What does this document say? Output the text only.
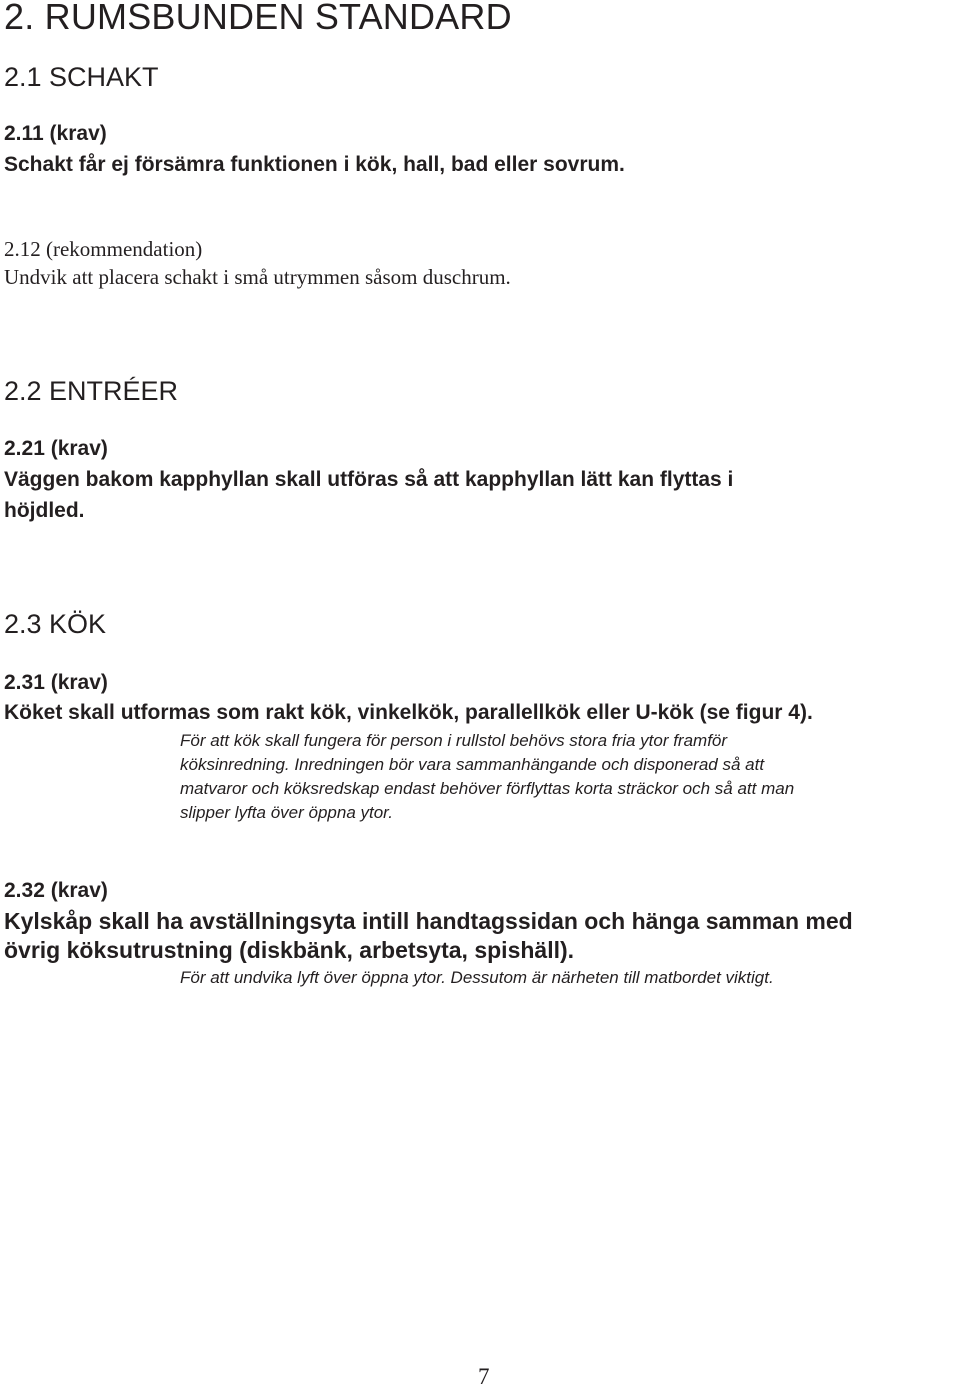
2. RUMSBUNDEN STANDARD
2.1 SCHAKT
2.11 (krav)
Schakt får ej försämra funktionen i kök, hall, bad eller sovrum.
2.12 (rekommendation)
Undvik att placera schakt i små utrymmen såsom duschrum.
2.2 ENTRÉER
2.21 (krav)
Väggen bakom kapphyllan skall utföras så att kapphyllan lätt kan flyttas i
höjdled.
2.3 KÖK
2.31 (krav)
Köket skall utformas som rakt kök, vinkelkök, parallellkök eller U-kök (se figur 4).
För att kök skall fungera för person i rullstol behövs stora fria ytor framför
köksinredning. Inredningen bör vara sammanhängande och disponerad så att
matvaror och köksredskap endast behöver förflyttas korta sträckor och så att man
slipper lyfta över öppna ytor.
2.32 (krav)
Kylskåp skall ha avställningsyta intill handtagssidan och hänga samman med
övrig köksutrustning (diskbänk, arbetsyta, spishäll).
För att undvika lyft över öppna ytor. Dessutom är närheten till matbordet viktigt.
7
